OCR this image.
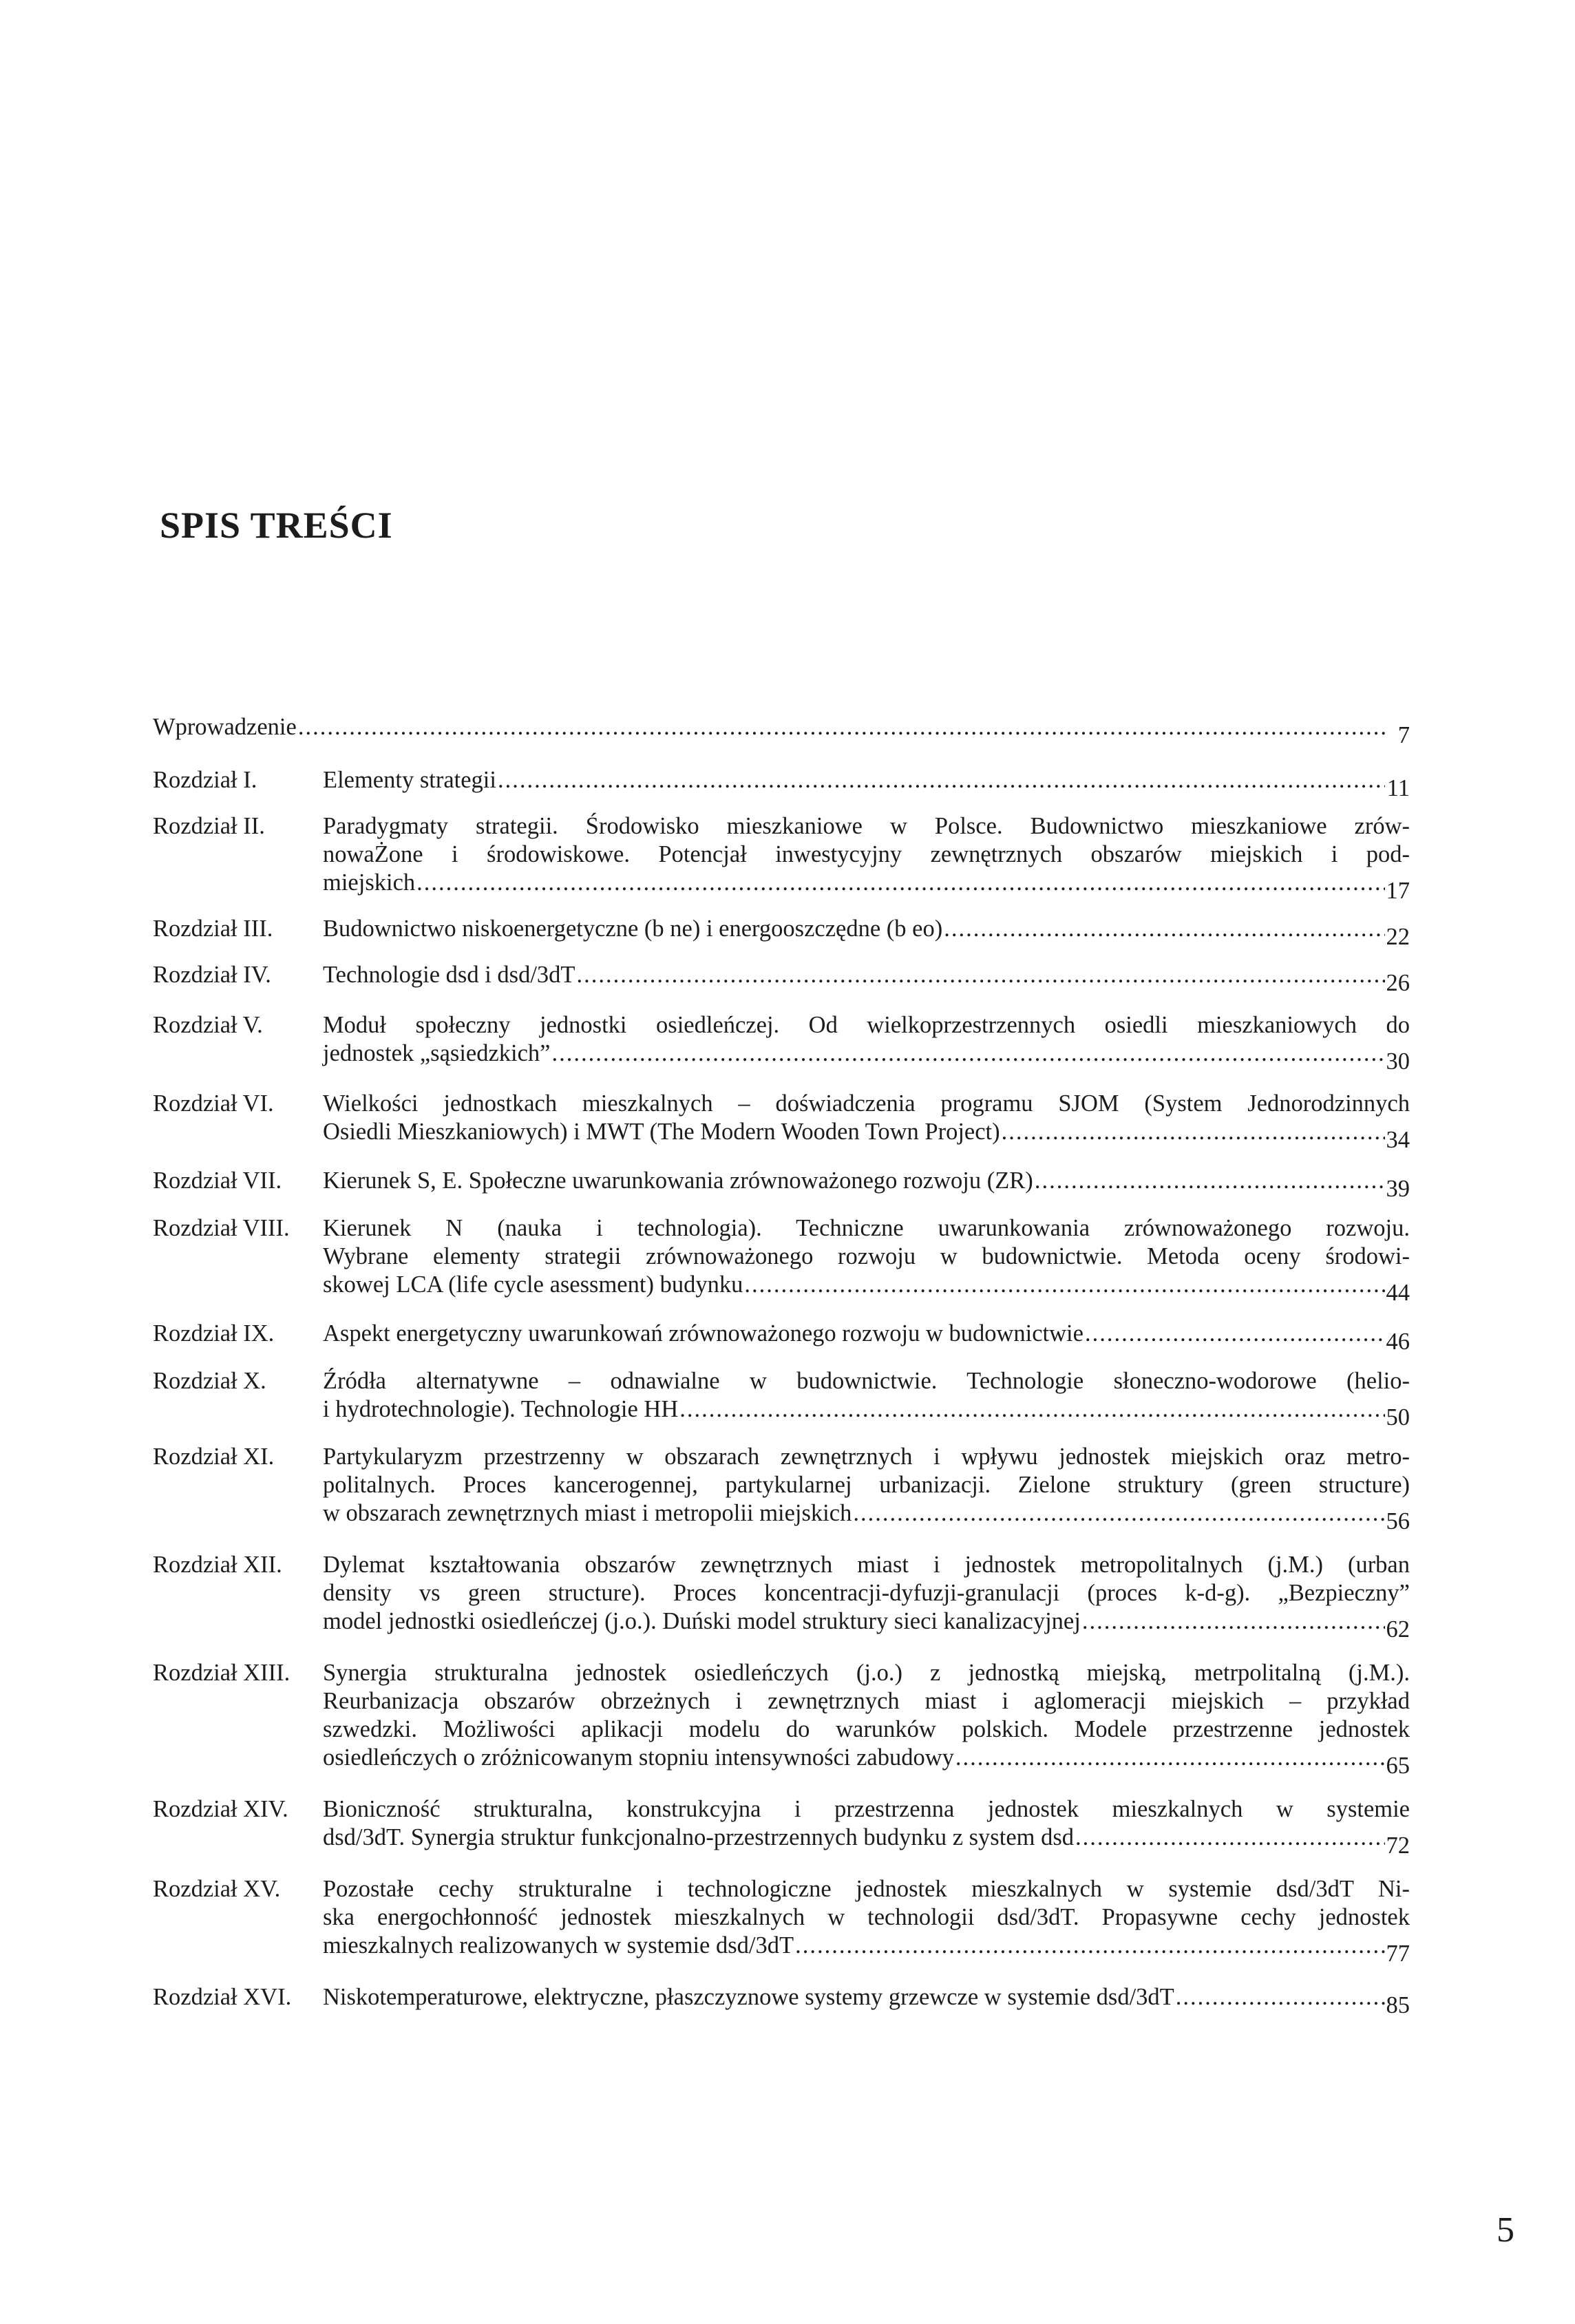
SPIS TREŚCI
Wprowadzenie .....	7
Rozdział I.	Elementy strategii .....	11
Rozdział II.	Paradygmaty strategii. Środowisko mieszkaniowe w Polsce. Budownictwo mieszkaniowe zrów-
nowaŻone i środowiskowe. Potencjał inwestycyjny zewnętrznych obszarów miejskich i pod-
miejskich .....	17
Rozdział III.	Budownictwo niskoenergetyczne (b ne) i energooszczędne (b eo) .....	22
Rozdział IV.	Technologie dsd i dsd/3dT .....	26
Rozdział V.	Moduł społeczny jednostki osiedleńczej. Od wielkoprzestrzennych osiedli mieszkaniowych do
jednostek „sąsiedzkich” .....	30
Rozdział VI.	Wielkości jednostkach mieszkalnych – doświadczenia programu SJOM (System Jednorodzinnych
Osiedli Mieszkaniowych) i MWT (The Modern Wooden Town Project) .....	34
Rozdział VII.	Kierunek S, E. Społeczne uwarunkowania zrównoważonego rozwoju (ZR) .....	39
Rozdział VIII.	Kierunek N (nauka i technologia). Techniczne uwarunkowania zrównoważonego rozwoju.
Wybrane elementy strategii zrównoważonego rozwoju w budownictwie. Metoda oceny środowi-
skowej LCA (life cycle asessment) budynku .....	44
Rozdział IX.	Aspekt energetyczny uwarunkowań zrównoważonego rozwoju w budownictwie .....	46
Rozdział X.	Źródła alternatywne – odnawialne w budownictwie. Technologie słoneczno-wodorowe (helio-
i hydrotechnologie). Technologie HH .....	50
Rozdział XI.	Partykularyzm przestrzenny w obszarach zewnętrznych i wpływu jednostek miejskich oraz metro-
politalnych. Proces kancerogennej, partykularnej urbanizacji. Zielone struktury (green structure)
w obszarach zewnętrznych miast i metropolii miejskich .....	56
Rozdział XII.	Dylemat kształtowania obszarów zewnętrznych miast i jednostek metropolitalnych (j.M.) (urban
density vs green structure). Proces koncentracji-dyfuzji-granulacji (proces k-d-g). „Bezpieczny”
model jednostki osiedleńczej (j.o.). Duński model struktury sieci kanalizacyjnej .....	62
Rozdział XIII.	Synergia strukturalna jednostek osiedleńczych (j.o.) z jednostką miejską, metrpolitalną (j.M.).
Reurbanizacja obszarów obrzeżnych i zewnętrznych miast i aglomeracji miejskich – przykład
szwedzki. Możliwości aplikacji modelu do warunków polskich. Modele przestrzenne jednostek
osiedleńczych o zróżnicowanym stopniu intensywności zabudowy .....	65
Rozdział XIV.	Bioniczność strukturalna, konstrukcyjna i przestrzenna jednostek mieszkalnych w systemie
dsd/3dT. Synergia struktur funkcjonalno-przestrzennych budynku z system dsd .....	72
Rozdział XV.	Pozostałe cechy strukturalne i technologiczne jednostek mieszkalnych w systemie dsd/3dT Ni-
ska energochłonność jednostek mieszkalnych w technologii dsd/3dT. Propasywne cechy jednostek
mieszkalnych realizowanych w systemie dsd/3dT .....	77
Rozdział XVI.	Niskotemperaturowe, elektryczne, płaszczyznowe systemy grzewcze w systemie dsd/3dT .....	85
5
